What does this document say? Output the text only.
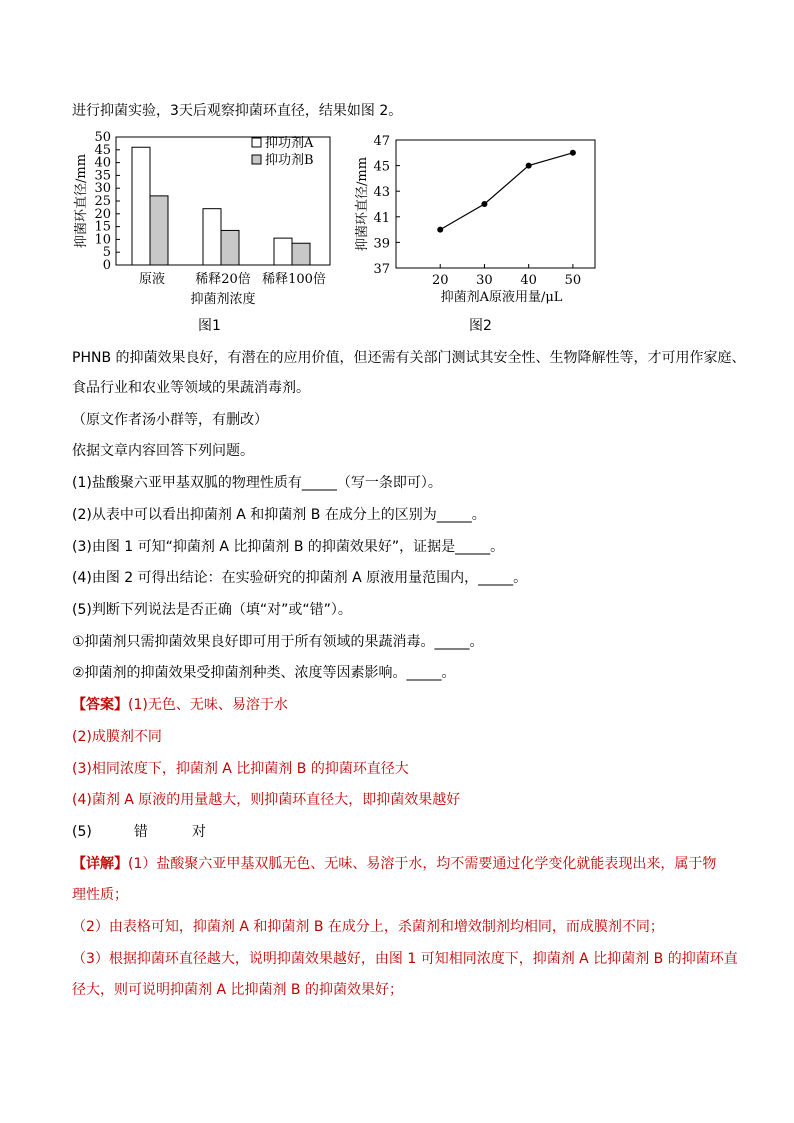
进行抑菌实验，3天后观察抑菌环直径，结果如图 2。
0
5
10
15
20
25
30
35
40
45
50
原液 稀释20倍 稀释100倍
抑菌剂浓度
抑菌环直径/mm
抑功剂A
抑功剂B
图1
37
39
41
43
45
47
20 30 40 50
抑菌剂A原液用量/μL
抑菌环直径/mm
图2
PHNB 的抑菌效果良好，有潜在的应用价值，但还需有关部门测试其安全性、生物降解性等，才可用作家庭、
食品行业和农业等领域的果蔬消毒剂。
（原文作者汤小群等，有删改）
依据文章内容回答下列问题。
(1)盐酸聚六亚甲基双胍的物理性质有_____（写一条即可）。
(2)从表中可以看出抑菌剂 A 和抑菌剂 B 在成分上的区别为_____。
(3)由图 1 可知“抑菌剂 A 比抑菌剂 B 的抑菌效果好”，证据是_____。
(4)由图 2 可得出结论：在实验研究的抑菌剂 A 原液用量范围内，_____。
(5)判断下列说法是否正确（填“对”或“错”）。
①抑菌剂只需抑菌效果良好即可用于所有领域的果蔬消毒。_____。
②抑菌剂的抑菌效果受抑菌剂种类、浓度等因素影响。_____。
【答案】(1)无色、无味、易溶于水
(2)成膜剂不同
(3)相同浓度下，抑菌剂 A 比抑菌剂 B 的抑菌环直径大
(4)菌剂 A 原液的用量越大，则抑菌环直径大，即抑菌效果越好
(5)	错	对
【详解】(1）盐酸聚六亚甲基双胍无色、无味、易溶于水，均不需要通过化学变化就能表现出来，属于物
理性质；
（2）由表格可知，抑菌剂 A 和抑菌剂 B 在成分上，杀菌剂和增效制剂均相同，而成膜剂不同；
（3）根据抑菌环直径越大，说明抑菌效果越好，由图 1 可知相同浓度下，抑菌剂 A 比抑菌剂 B 的抑菌环直
径大，则可说明抑菌剂 A 比抑菌剂 B 的抑菌效果好；
